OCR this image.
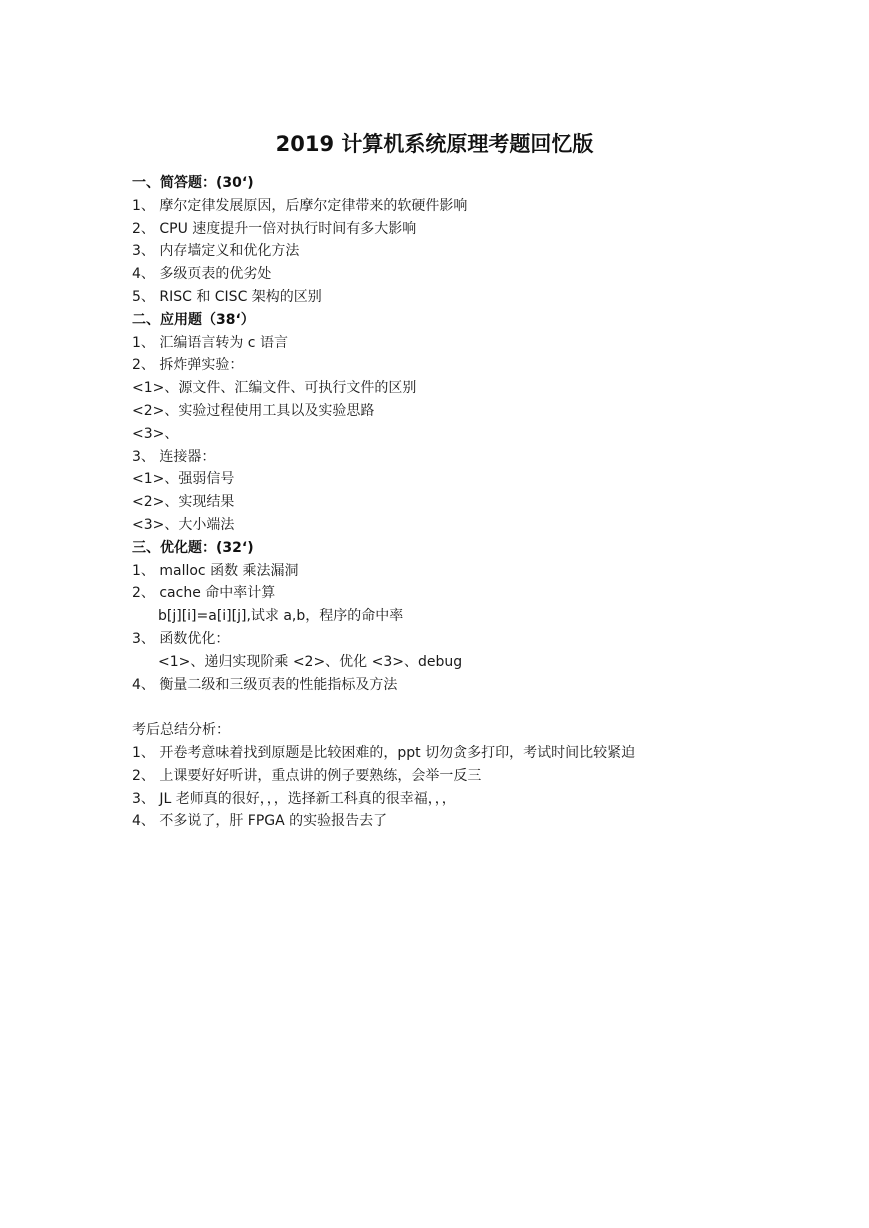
2019 计算机系统原理考题回忆版
一、简答题：(30‘)
1、 摩尔定律发展原因，后摩尔定律带来的软硬件影响
2、 CPU 速度提升一倍对执行时间有多大影响
3、 内存墙定义和优化方法
4、 多级页表的优劣处
5、 RISC 和 CISC 架构的区别
二、应用题（38‘）
1、 汇编语言转为 c 语言
2、 拆炸弹实验：
<1>、源文件、汇编文件、可执行文件的区别
<2>、实验过程使用工具以及实验思路
<3>、
3、 连接器：
<1>、强弱信号
<2>、实现结果
<3>、大小端法
三、优化题：(32‘)
1、 malloc 函数 乘法漏洞
2、 cache 命中率计算
b[j][i]=a[i][j],试求 a,b，程序的命中率
3、 函数优化：
<1>、递归实现阶乘 <2>、优化 <3>、debug
4、 衡量二级和三级页表的性能指标及方法
考后总结分析：
1、 开卷考意味着找到原题是比较困难的，ppt 切勿贪多打印，考试时间比较紧迫
2、 上课要好好听讲，重点讲的例子要熟练，会举一反三
3、 JL 老师真的很好，，，选择新工科真的很幸福，，，
4、 不多说了，肝 FPGA 的实验报告去了
